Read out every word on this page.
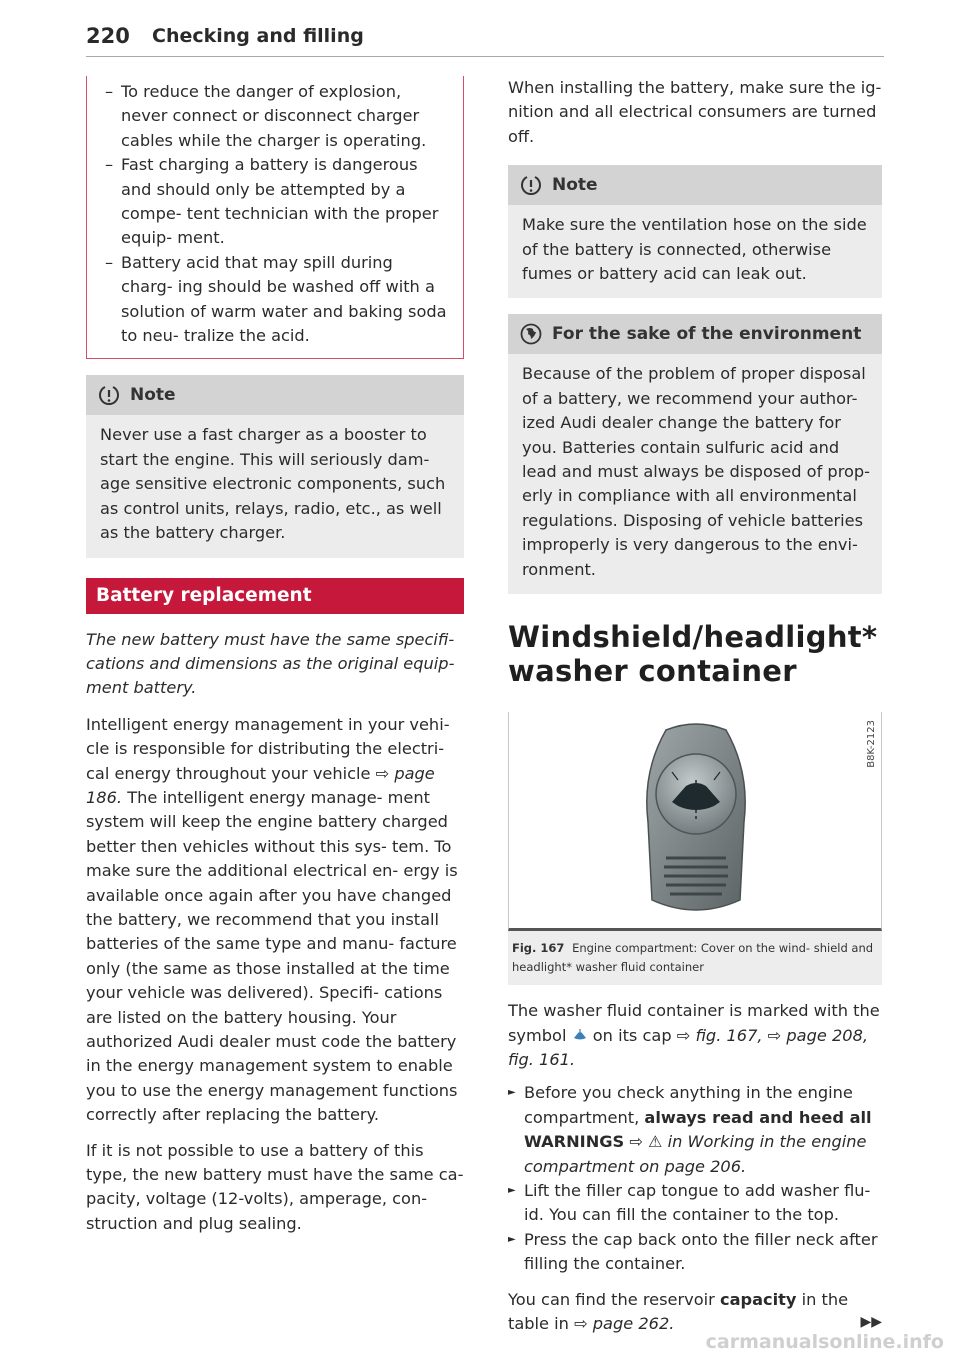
220 Checking and filling
– To reduce the danger of explosion, never connect or disconnect charger cables while the charger is operating.
– Fast charging a battery is dangerous and should only be attempted by a compe- tent technician with the proper equip- ment.
– Battery acid that may spill during charg- ing should be washed off with a solution of warm water and baking soda to neu- tralize the acid.
Note
Never use a fast charger as a booster to start the engine. This will seriously dam- age sensitive electronic components, such as control units, relays, radio, etc., as well as the battery charger.
Battery replacement

The new battery must have the same specifi- cations and dimensions as the original equip- ment battery.

Intelligent energy management in your vehi- cle is responsible for distributing the electri- cal energy throughout your vehicle ⇨ page 186. The intelligent energy manage- ment system will keep the engine battery charged better then vehicles without this sys- tem. To make sure the additional electrical en- ergy is available once again after you have changed the battery, we recommend that you install batteries of the same type and manu- facture only (the same as those installed at the time your vehicle was delivered). Specifi- cations are listed on the battery housing. Your authorized Audi dealer must code the battery in the energy management system to enable you to use the energy management functions correctly after replacing the battery.

If it is not possible to use a battery of this type, the new battery must have the same ca- pacity, voltage (12-volts), amperage, con- struction and plug sealing.

When installing the battery, make sure the ig- nition and all electrical consumers are turned off.

Note
Make sure the ventilation hose on the side of the battery is connected, otherwise fumes or battery acid can leak out.
For the sake of the environment
Because of the problem of proper disposal of a battery, we recommend your author- ized Audi dealer change the battery for you. Batteries contain sulfuric acid and lead and must always be disposed of prop- erly in compliance with all environmental regulations. Disposing of vehicle batteries improperly is very dangerous to the envi- ronment.
Windshield/headlight* washer container
B8K-2123
Fig. 167 Engine compartment: Cover on the wind- shield and headlight* washer fluid container

The washer fluid container is marked with the symbol on its cap ⇨ fig. 167, ⇨ page 208, fig. 161.

► Before you check anything in the engine compartment, always read and heed all WARNINGS ⇨ ⚠ in Working in the engine compartment on page 206.
► Lift the filler cap tongue to add washer flu- id. You can fill the container to the top.
► Press the cap back onto the filler neck after filling the container.

You can find the reservoir capacity in the table in ⇨ page 262.	▶▶

carmanualsonline.info
